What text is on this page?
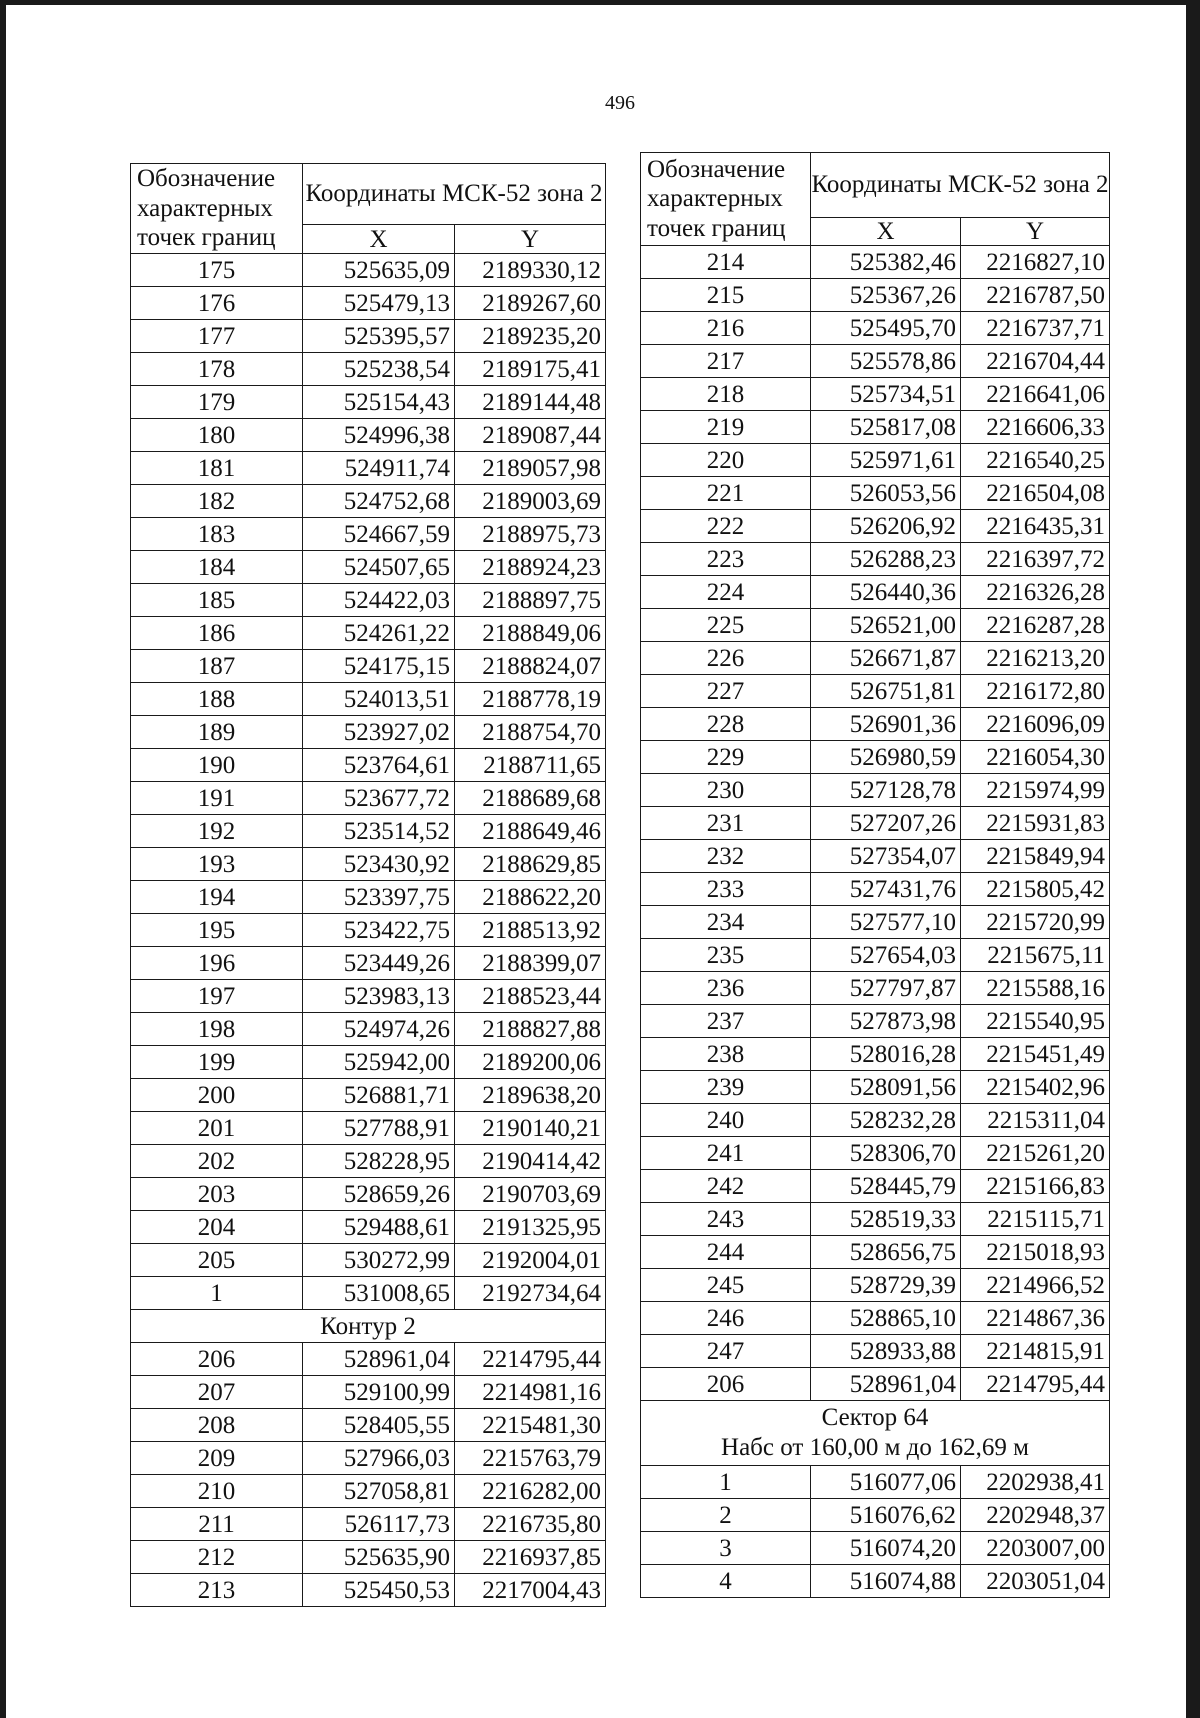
496
Обозначение характерных точек границ	Координаты МСК-52 зона 2	
	X	Y
175	525635,09	2189330,12
176	525479,13	2189267,60
177	525395,57	2189235,20
178	525238,54	2189175,41
179	525154,43	2189144,48
180	524996,38	2189087,44
181	524911,74	2189057,98
182	524752,68	2189003,69
183	524667,59	2188975,73
184	524507,65	2188924,23
185	524422,03	2188897,75
186	524261,22	2188849,06
187	524175,15	2188824,07
188	524013,51	2188778,19
189	523927,02	2188754,70
190	523764,61	2188711,65
191	523677,72	2188689,68
192	523514,52	2188649,46
193	523430,92	2188629,85
194	523397,75	2188622,20
195	523422,75	2188513,92
196	523449,26	2188399,07
197	523983,13	2188523,44
198	524974,26	2188827,88
199	525942,00	2189200,06
200	526881,71	2189638,20
201	527788,91	2190140,21
202	528228,95	2190414,42
203	528659,26	2190703,69
204	529488,61	2191325,95
205	530272,99	2192004,01
1	531008,65	2192734,64
Контур 2		
206	528961,04	2214795,44
207	529100,99	2214981,16
208	528405,55	2215481,30
209	527966,03	2215763,79
210	527058,81	2216282,00
211	526117,73	2216735,80
212	525635,90	2216937,85
213	525450,53	2217004,43
Обозначение характерных точек границ	Координаты МСК-52 зона 2	
	X	Y
214	525382,46	2216827,10
215	525367,26	2216787,50
216	525495,70	2216737,71
217	525578,86	2216704,44
218	525734,51	2216641,06
219	525817,08	2216606,33
220	525971,61	2216540,25
221	526053,56	2216504,08
222	526206,92	2216435,31
223	526288,23	2216397,72
224	526440,36	2216326,28
225	526521,00	2216287,28
226	526671,87	2216213,20
227	526751,81	2216172,80
228	526901,36	2216096,09
229	526980,59	2216054,30
230	527128,78	2215974,99
231	527207,26	2215931,83
232	527354,07	2215849,94
233	527431,76	2215805,42
234	527577,10	2215720,99
235	527654,03	2215675,11
236	527797,87	2215588,16
237	527873,98	2215540,95
238	528016,28	2215451,49
239	528091,56	2215402,96
240	528232,28	2215311,04
241	528306,70	2215261,20
242	528445,79	2215166,83
243	528519,33	2215115,71
244	528656,75	2215018,93
245	528729,39	2214966,52
246	528865,10	2214867,36
247	528933,88	2214815,91
206	528961,04	2214795,44

Сектор 64
Набс от 160,00 м до 162,69 м		

1	516077,06	2202938,41
2	516076,62	2202948,37
3	516074,20	2203007,00
4	516074,88	2203051,04
